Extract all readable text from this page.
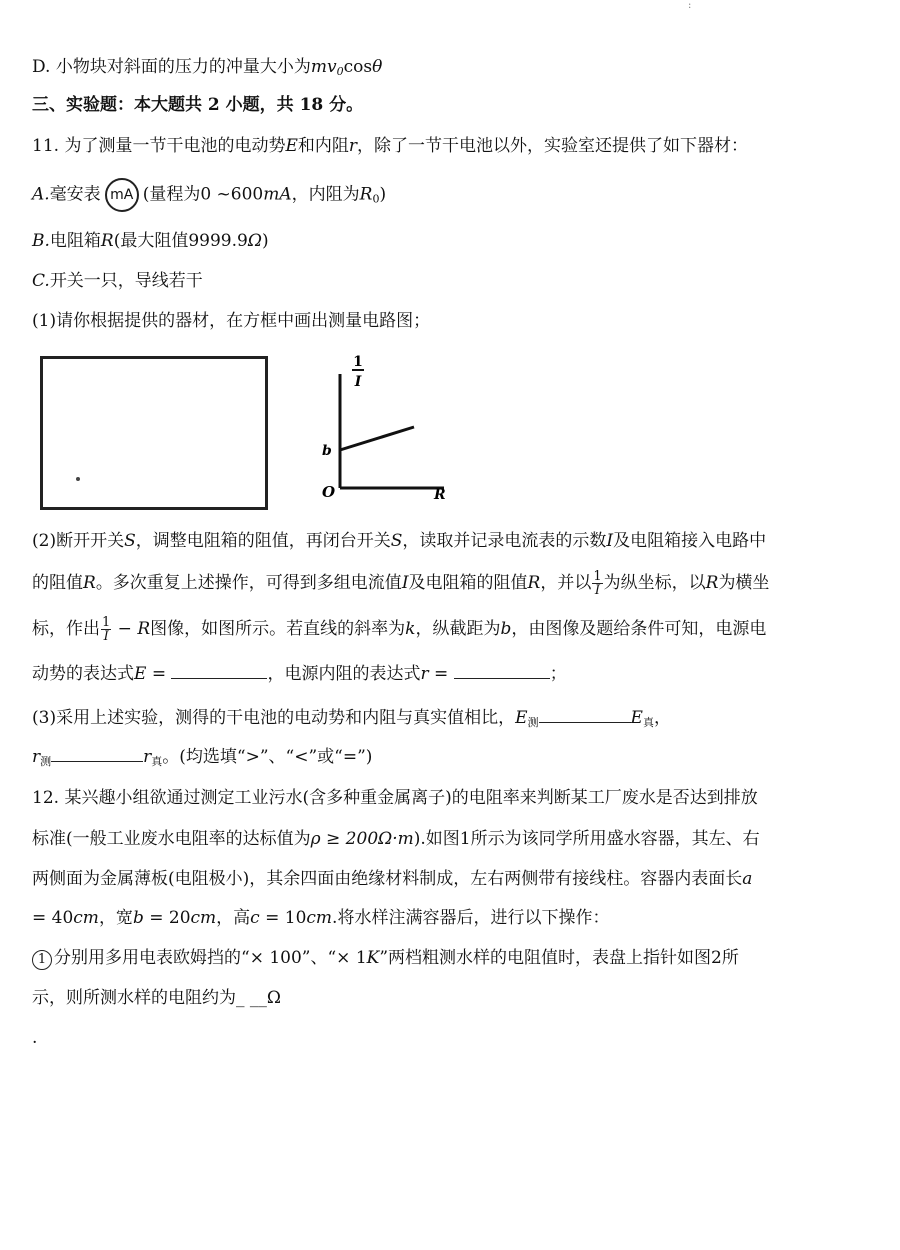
:
D. 小物块对斜面的压力的冲量大小为$mv_0\cos\theta$
三、实验题：本大题共 2 小题，共 18 分。
11. 为了测量一节干电池的电动势E和内阻r，除了一节干电池以外，实验室还提供了如下器材：
A.毫安表 mA (量程为0 ~600mA，内阻为$R_0$)
B.电阻箱R(最大阻值9999.9Ω)
C.开关一只，导线若干
(1)请你根据提供的器材，在方框中画出测量电路图；
1
I
b
O	R
(2)断开开关S，调整电阻箱的阻值，再闭台开关S，读取并记录电流表的示数I及电阻箱接入电路中
的阻值R。多次重复上述操作，可得到多组电流值I及电阻箱的阻值R，并以 $\frac{1}{I}$ 为纵坐标，以R为横坐
标，作出 $\frac{1}{I} - R$图像，如图所示。若直线的斜率为k，纵截距为b，由图像及题给条件可知，电源电
动势的表达式E =	，电源内阻的表达式r =	；
(3)采用上述实验，测得的干电池的电动势和内阻与真实值相比，$E_测$	$E_真$，
$r_测$	$r_真$。(均选填“>”、“<”或“=”)
12. 某兴趣小组欲通过测定工业污水(含多种重金属离子)的电阻率来判断某工厂废水是否达到排放
标准(一般工业废水电阻率的达标值为ρ ≥ 200Ω·m).如图1所示为该同学所用盛水容器，其左、右
两侧面为金属薄板(电阻极小)，其余四面由绝缘材料制成，左右两侧带有接线柱。容器内表面长a
= 40cm，宽b = 20cm，高c = 10cm.将水样注满容器后，进行以下操作：
1 分别用多用电表欧姆挡的“× 100”、“× 1K”两档粗测水样的电阻值时，表盘上指针如图2所
示，则所测水样的电阻约为_ __Ω
.
